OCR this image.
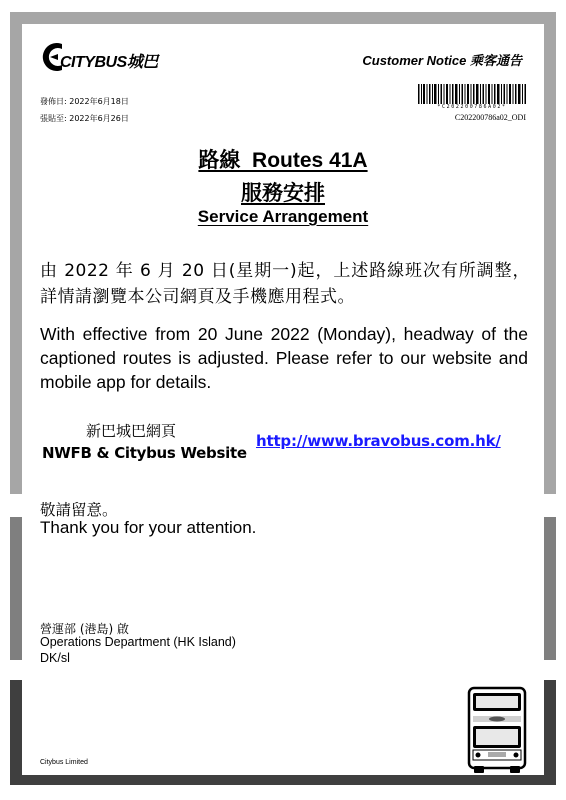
CITYBUS城巴	Customer Notice 乘客通告
*C202200786A02*
發佈日: 2022年6月18日
張貼至: 2022年6月26日	C202200786a02_ODI
路線  Routes 41A
服務安排
Service Arrangement
由 2022 年 6 月 20 日(星期一)起，上述路線班次有所調整，詳情請瀏覽本公司網頁及手機應用程式。
With effective from 20 June 2022 (Monday), headway of the captioned routes is adjusted. Please refer to our website and mobile app for details.
新巴城巴網頁
NWFB & Citybus Website
http://www.bravobus.com.hk/
敬請留意。
Thank you for your attention.
營運部 (港島) 啟
Operations Department (HK Island)
DK/sl
Citybus Limited
